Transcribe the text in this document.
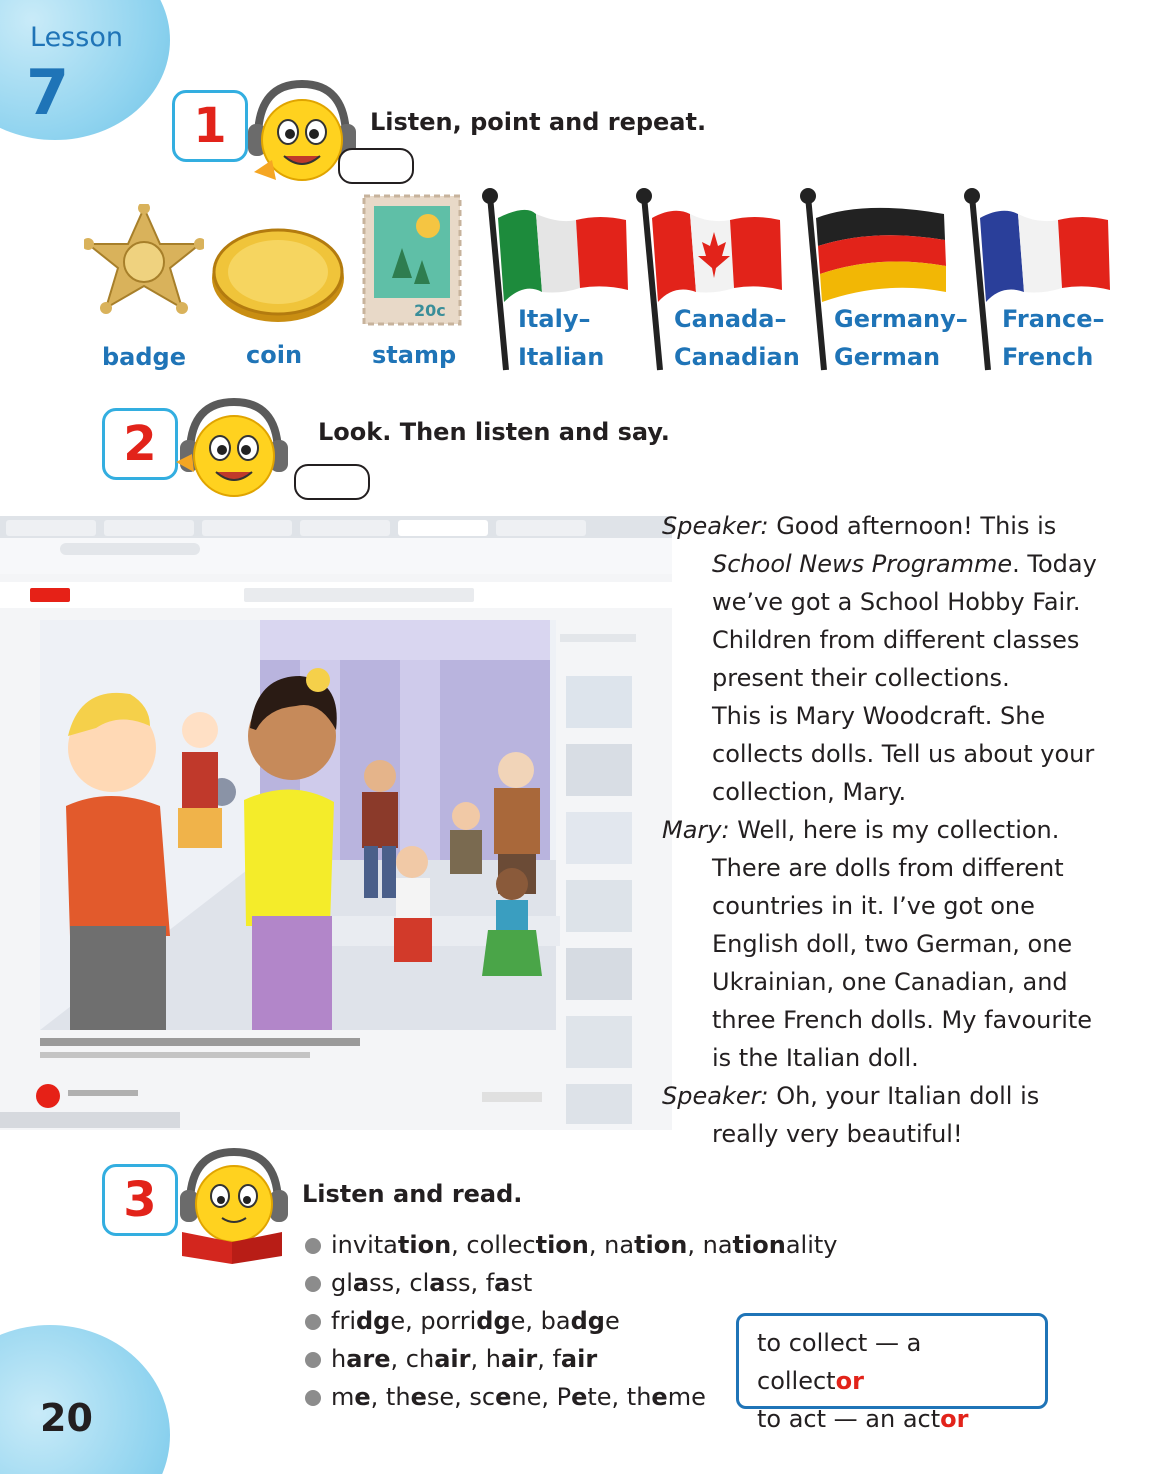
Lesson
7	1	Listen, point and repeat.
20c
badge coin	stamp
Italy–
Italian
Canada–
Canadian
Germany–
German
France–
French
2	Look. Then listen and say.

Speaker: Good afternoon! This is

School News Programme. Today

we’ve got a School Hobby Fair.

Children from different classes

present their collections.

This is Mary Woodcraft. She

collects dolls. Tell us about your

collection, Mary.

Mary: Well, here is my collection.

There are dolls from different

countries in it. I’ve got one

English doll, two German, one

Ukrainian, one Canadian, and

three French dolls. My favourite

is the Italian doll.

Speaker: Oh, your Italian doll is

really very beautiful!

3	Listen and read.
invitation, collection, nation, nationality
glass, class, fast
fridge, porridge, badge
hare, chair, hair, fair
me, these, scene, Pete, theme
to collect — a collector
to act — an actor
20
